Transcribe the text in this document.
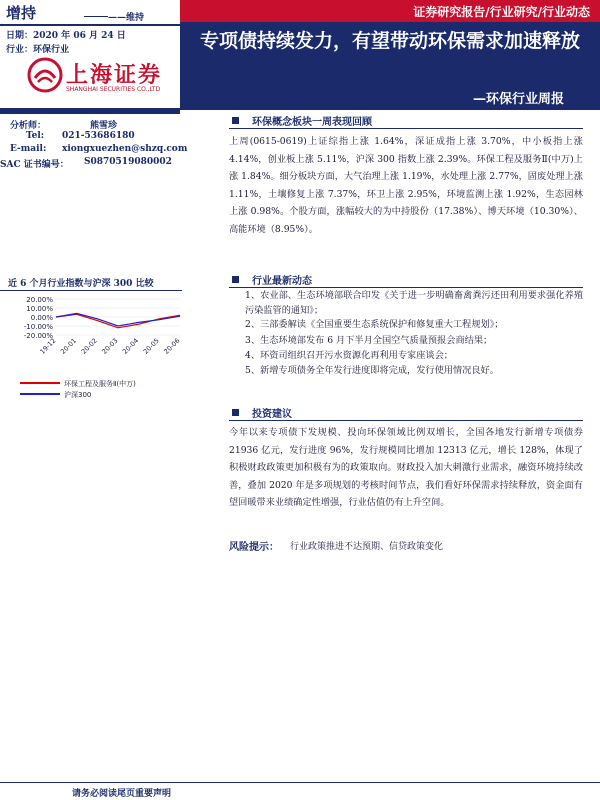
增持	——维持
日期：2020 年 06 月 24 日
行业：环保行业
上海证券
SHANGHAI SECURITIES CO.,LTD
证券研究报告/行业研究/行业动态
专项债持续发力，有望带动环保需求加速释放
—环保行业周报
分析师：	熊雪珍
Tel: 021-53686180
E-mail: xiongxuezhen@shzq.com
SAC 证书编号： S0870519080002
环保概念板块一周表现回顾
上周(0615-0619)上证综指上涨 1.64%，深证成指上涨 3.70%，中小板指上涨 4.14%，创业板上涨 5.11%，沪深 300 指数上涨 2.39%。环保工程及服务Ⅱ(中万)上涨 1.84%。细分板块方面，大气治理上涨 1.19%，水处理上涨 2.77%，固废处理上涨 1.11%，土壤修复上涨 7.37%，环卫上涨 2.95%，环境监测上涨 1.92%，生态园林上涨 0.98%。个股方面，涨幅较大的为中持股份（17.38%）、博天环境（10.30%）、高能环境（8.95%）。
行业最新动态
1、农业部、生态环境部联合印发《关于进一步明确畜禽粪污还田利用要求强化养殖污染监管的通知》；
2、三部委解读《全国重要生态系统保护和修复重大工程规划》；
3、生态环境部发布 6 月下半月全国空气质量预报会商结果；
4、环资司组织召开污水资源化再利用专家座谈会；
5、新增专项债务全年发行进度即将完成，发行使用情况良好。
投资建议
今年以来专项债下发规模、投向环保领域比例双增长，全国各地发行新增专项债券 21936 亿元，发行进度 96%，发行规模同比增加 12313 亿元，增长 128%，体现了积极财政政策更加积极有为的政策取向。财政投入加大刺激行业需求，融资环境持续改善，叠加 2020 年是多项规划的考核时间节点，我们看好环保需求持续释放，资金面有望回暖带来业绩确定性增强，行业估值仍有上升空间。
风险提示： 行业政策推进不达预期、信贷政策变化
近 6 个月行业指数与沪深 300 比较
20.00%
10.00%
0.00%
-10.00%
-20.00%
19-12 20-01 20-02 20-03 20-04 20-05 20-06
环保工程及服务Ⅱ(中万)
沪深300
请务必阅读尾页重要声明
